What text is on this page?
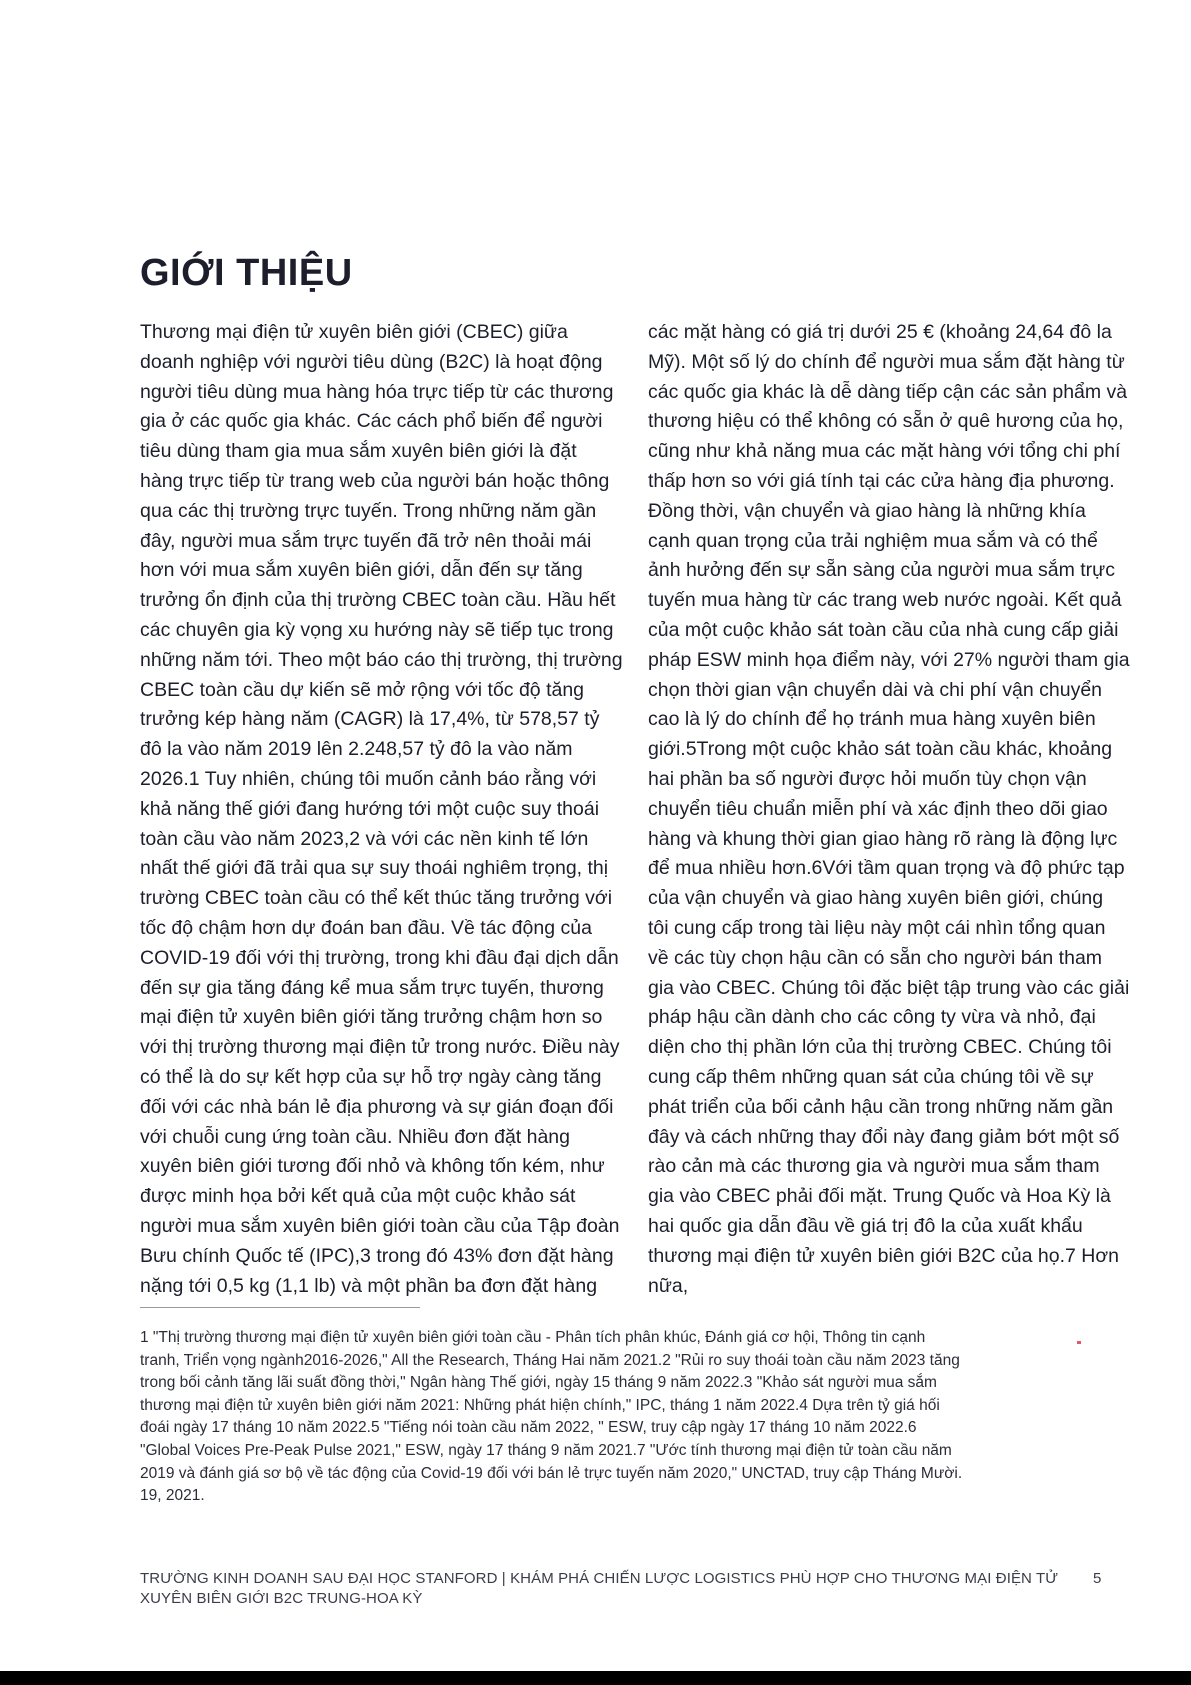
GIỚI THIỆU
Thương mại điện tử xuyên biên giới (CBEC) giữa
doanh nghiệp với người tiêu dùng (B2C) là hoạt động
người tiêu dùng mua hàng hóa trực tiếp từ các thương
gia ở các quốc gia khác. Các cách phổ biến để người
tiêu dùng tham gia mua sắm xuyên biên giới là đặt
hàng trực tiếp từ trang web của người bán hoặc thông
qua các thị trường trực tuyến. Trong những năm gần
đây, người mua sắm trực tuyến đã trở nên thoải mái
hơn với mua sắm xuyên biên giới, dẫn đến sự tăng
trưởng ổn định của thị trường CBEC toàn cầu. Hầu hết
các chuyên gia kỳ vọng xu hướng này sẽ tiếp tục trong
những năm tới. Theo một báo cáo thị trường, thị trường
CBEC toàn cầu dự kiến sẽ mở rộng với tốc độ tăng
trưởng kép hàng năm (CAGR) là 17,4%, từ 578,57 tỷ
đô la vào năm 2019 lên 2.248,57 tỷ đô la vào năm
2026.1 Tuy nhiên, chúng tôi muốn cảnh báo rằng với
khả năng thế giới đang hướng tới một cuộc suy thoái
toàn cầu vào năm 2023,2 và với các nền kinh tế lớn
nhất thế giới đã trải qua sự suy thoái nghiêm trọng, thị
trường CBEC toàn cầu có thể kết thúc tăng trưởng với
tốc độ chậm hơn dự đoán ban đầu. Về tác động của
COVID-19 đối với thị trường, trong khi đầu đại dịch dẫn
đến sự gia tăng đáng kể mua sắm trực tuyến, thương
mại điện tử xuyên biên giới tăng trưởng chậm hơn so
với thị trường thương mại điện tử trong nước. Điều này
có thể là do sự kết hợp của sự hỗ trợ ngày càng tăng
đối với các nhà bán lẻ địa phương và sự gián đoạn đối
với chuỗi cung ứng toàn cầu. Nhiều đơn đặt hàng
xuyên biên giới tương đối nhỏ và không tốn kém, như
được minh họa bởi kết quả của một cuộc khảo sát
người mua sắm xuyên biên giới toàn cầu của Tập đoàn
Bưu chính Quốc tế (IPC),3 trong đó 43% đơn đặt hàng
nặng tới 0,5 kg (1,1 lb) và một phần ba đơn đặt hàng
các mặt hàng có giá trị dưới 25 € (khoảng 24,64 đô la
Mỹ). Một số lý do chính để người mua sắm đặt hàng từ
các quốc gia khác là dễ dàng tiếp cận các sản phẩm và
thương hiệu có thể không có sẵn ở quê hương của họ,
cũng như khả năng mua các mặt hàng với tổng chi phí
thấp hơn so với giá tính tại các cửa hàng địa phương.
Đồng thời, vận chuyển và giao hàng là những khía
cạnh quan trọng của trải nghiệm mua sắm và có thể
ảnh hưởng đến sự sẵn sàng của người mua sắm trực
tuyến mua hàng từ các trang web nước ngoài. Kết quả
của một cuộc khảo sát toàn cầu của nhà cung cấp giải
pháp ESW minh họa điểm này, với 27% người tham gia
chọn thời gian vận chuyển dài và chi phí vận chuyển
cao là lý do chính để họ tránh mua hàng xuyên biên
giới.5Trong một cuộc khảo sát toàn cầu khác, khoảng
hai phần ba số người được hỏi muốn tùy chọn vận
chuyển tiêu chuẩn miễn phí và xác định theo dõi giao
hàng và khung thời gian giao hàng rõ ràng là động lực
để mua nhiều hơn.6Với tầm quan trọng và độ phức tạp
của vận chuyển và giao hàng xuyên biên giới, chúng
tôi cung cấp trong tài liệu này một cái nhìn tổng quan
về các tùy chọn hậu cần có sẵn cho người bán tham
gia vào CBEC. Chúng tôi đặc biệt tập trung vào các giải
pháp hậu cần dành cho các công ty vừa và nhỏ, đại
diện cho thị phần lớn của thị trường CBEC. Chúng tôi
cung cấp thêm những quan sát của chúng tôi về sự
phát triển của bối cảnh hậu cần trong những năm gần
đây và cách những thay đổi này đang giảm bớt một số
rào cản mà các thương gia và người mua sắm tham
gia vào CBEC phải đối mặt. Trung Quốc và Hoa Kỳ là
hai quốc gia dẫn đầu về giá trị đô la của xuất khẩu
thương mại điện tử xuyên biên giới B2C của họ.7 Hơn
nữa,
1 "Thị trường thương mại điện tử xuyên biên giới toàn cầu - Phân tích phân khúc, Đánh giá cơ hội, Thông tin cạnh
tranh, Triển vọng ngành2016-2026," All the Research, Tháng Hai năm 2021.2 "Rủi ro suy thoái toàn cầu năm 2023 tăng
trong bối cảnh tăng lãi suất đồng thời," Ngân hàng Thế giới, ngày 15 tháng 9 năm 2022.3 "Khảo sát người mua sắm
thương mại điện tử xuyên biên giới năm 2021: Những phát hiện chính," IPC, tháng 1 năm 2022.4 Dựa trên tỷ giá hối
đoái ngày 17 tháng 10 năm 2022.5 "Tiếng nói toàn cầu năm 2022, " ESW, truy cập ngày 17 tháng 10 năm 2022.6
"Global Voices Pre-Peak Pulse 2021," ESW, ngày 17 tháng 9 năm 2021.7 "Ước tính thương mại điện tử toàn cầu năm
2019 và đánh giá sơ bộ về tác động của Covid-19 đối với bán lẻ trực tuyến năm 2020," UNCTAD, truy cập Tháng Mười.
19, 2021.
TRƯỜNG KINH DOANH SAU ĐẠI HỌC STANFORD | KHÁM PHÁ CHIẾN LƯỢC LOGISTICS PHÙ HỢP CHO THƯƠNG MẠI ĐIỆN TỬ
XUYÊN BIÊN GIỚI B2C TRUNG-HOA KỲ
5
